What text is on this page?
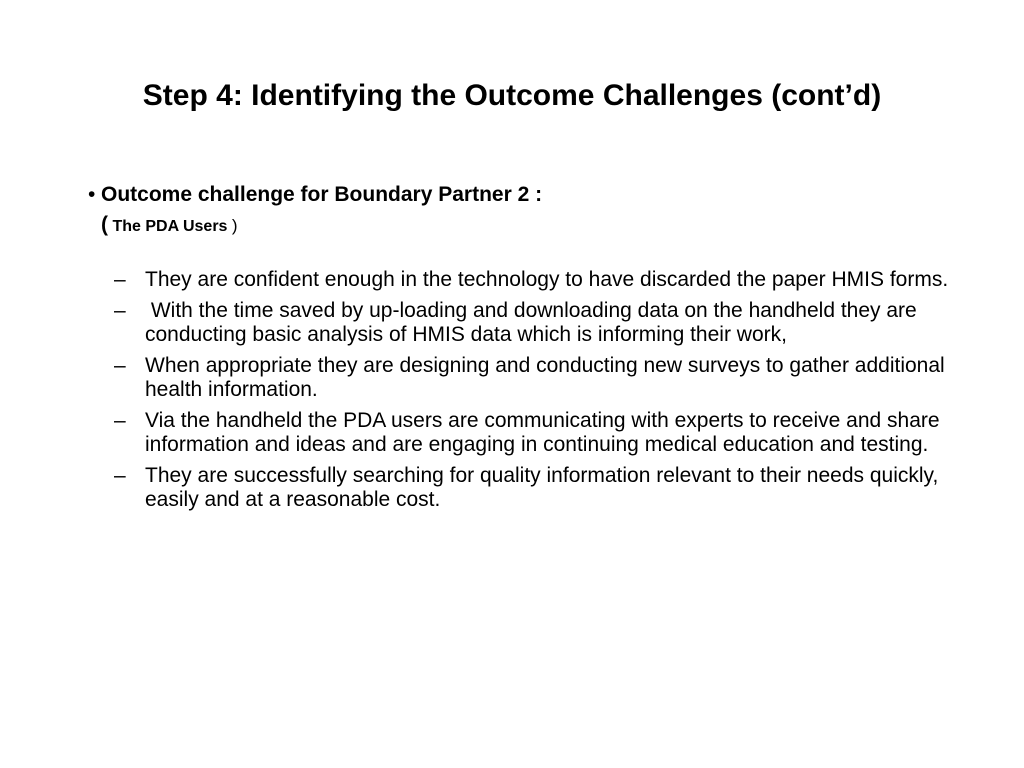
Step 4: Identifying the Outcome Challenges (cont’d)
• Outcome challenge for Boundary Partner 2 :
( The PDA Users )
– They are confident enough in the technology to have discarded the paper HMIS forms.
– With the time saved by up-loading and downloading data on the handheld they are conducting basic analysis of HMIS data which is informing their work,
– When appropriate they are designing and conducting new surveys to gather additional health information.
– Via the handheld the PDA users are communicating with experts to receive and share information and ideas and are engaging in continuing medical education and testing.
– They are successfully searching for quality information relevant to their needs quickly, easily and at a reasonable cost.
